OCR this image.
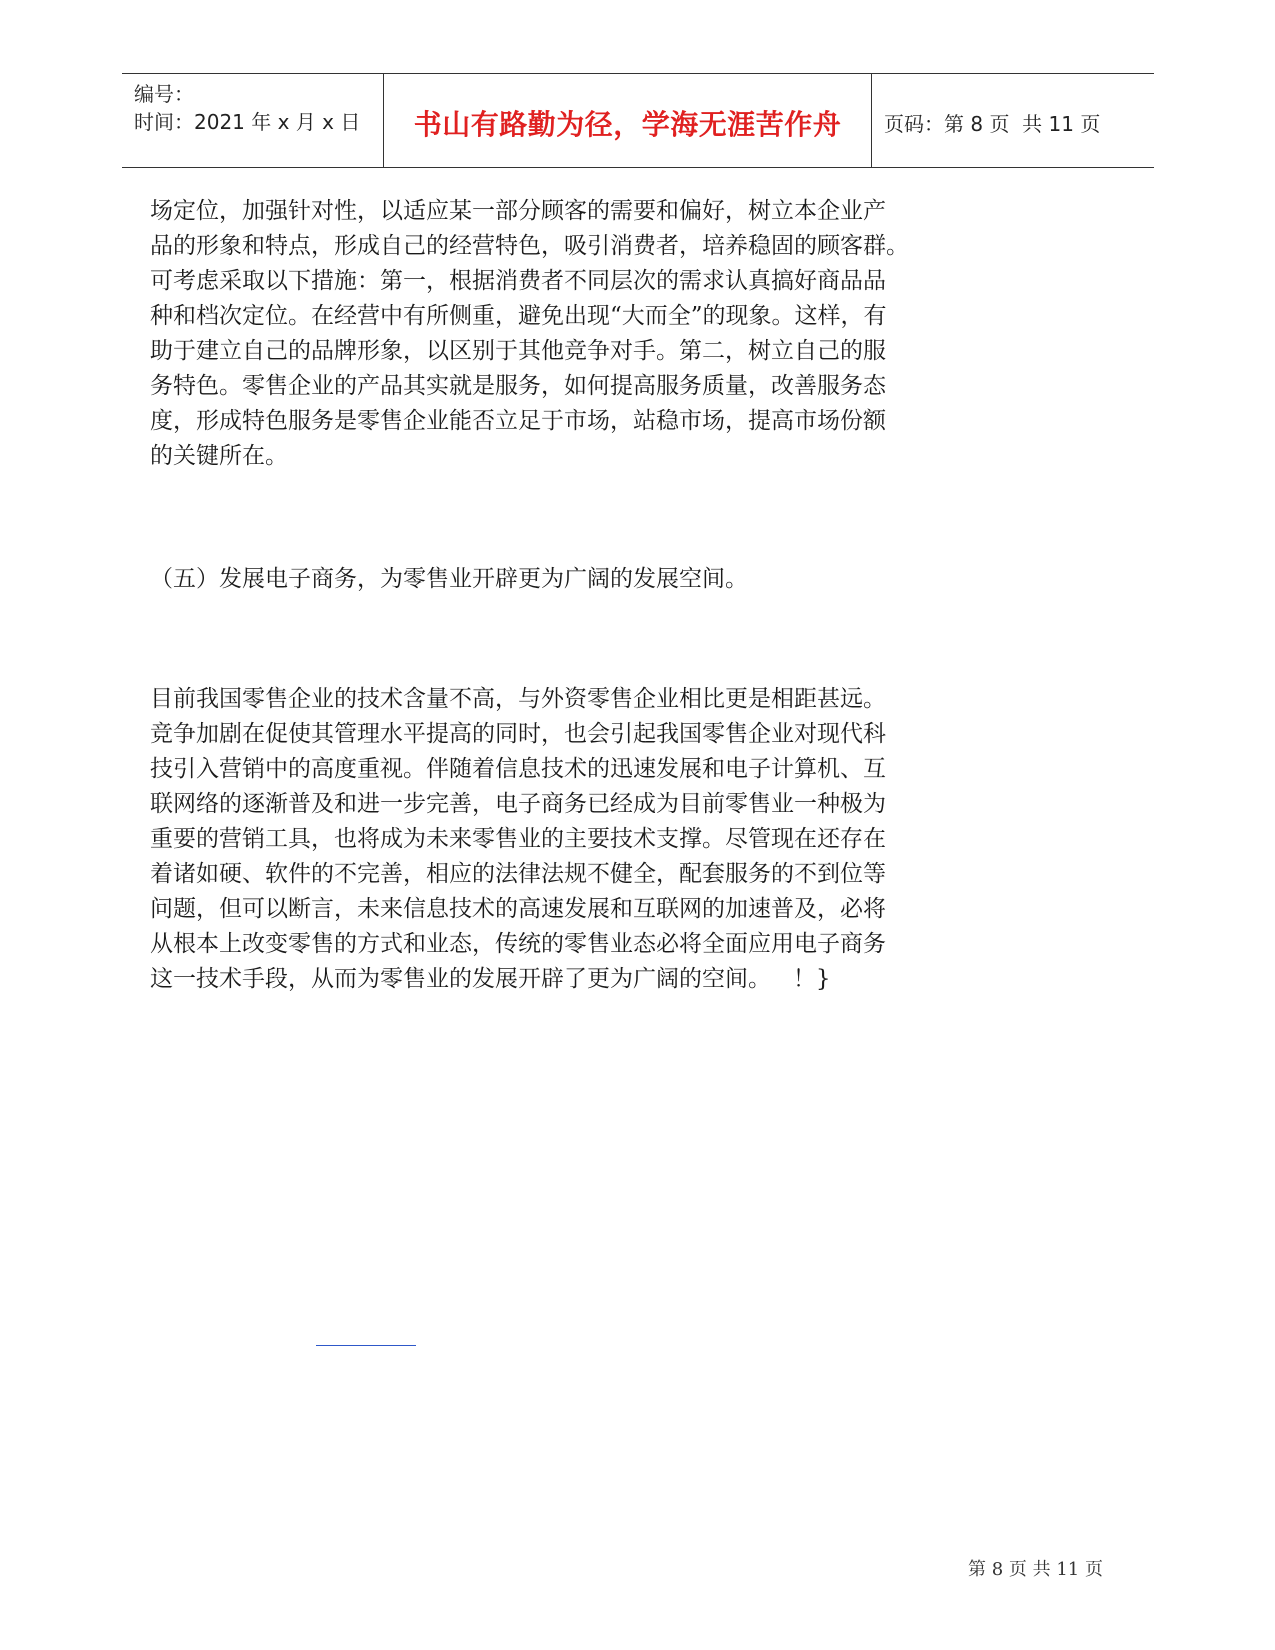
编号：
时间：2021 年 x 月 x 日	书山有路勤为径，学海无涯苦作舟	页码：第 8 页  共 11 页
场定位，加强针对性，以适应某一部分顾客的需要和偏好，树立本企业产
品的形象和特点，形成自己的经营特色，吸引消费者，培养稳固的顾客群。
可考虑采取以下措施：第一，根据消费者不同层次的需求认真搞好商品品
种和档次定位。在经营中有所侧重，避免出现“大而全”的现象。这样，有
助于建立自己的品牌形象，以区别于其他竞争对手。第二，树立自己的服
务特色。零售企业的产品其实就是服务，如何提高服务质量，改善服务态
度，形成特色服务是零售企业能否立足于市场，站稳市场，提高市场份额
的关键所在。
（五）发展电子商务，为零售业开辟更为广阔的发展空间。
目前我国零售企业的技术含量不高，与外资零售企业相比更是相距甚远。
竞争加剧在促使其管理水平提高的同时，也会引起我国零售企业对现代科
技引入营销中的高度重视。伴随着信息技术的迅速发展和电子计算机、互
联网络的逐渐普及和进一步完善，电子商务已经成为目前零售业一种极为
重要的营销工具，也将成为未来零售业的主要技术支撑。尽管现在还存在
着诸如硬、软件的不完善，相应的法律法规不健全，配套服务的不到位等
问题，但可以断言，未来信息技术的高速发展和互联网的加速普及，必将
从根本上改变零售的方式和业态，传统的零售业态必将全面应用电子商务
这一技术手段，从而为零售业的发展开辟了更为广阔的空间。   ！}
第 8 页 共 11 页
